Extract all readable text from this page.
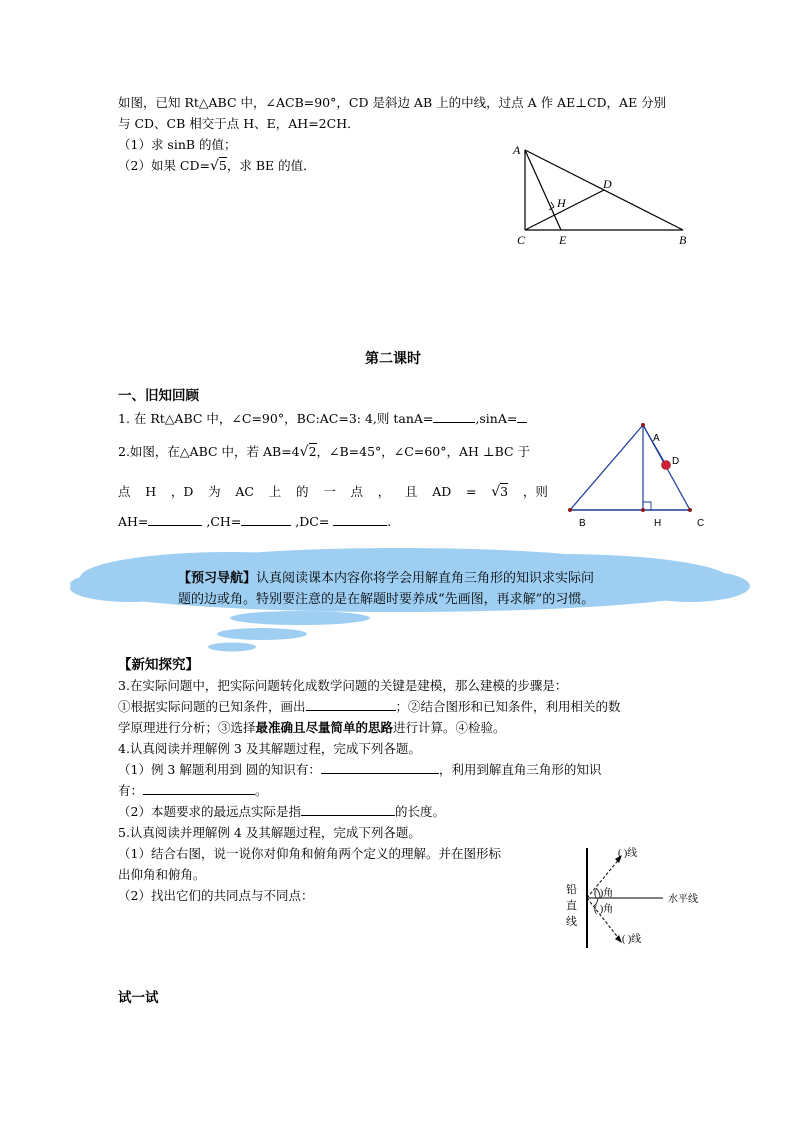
如图，已知 Rt△ABC 中，∠ACB=90°，CD 是斜边 AB 上的中线，过点 A 作 AE⊥CD，AE 分别
与 CD、CB 相交于点 H、E，AH=2CH．
（1）求 sinB 的值；
（2）如果 CD=√5，求 BE 的值．
A
D
H
C	E	B
第二课时
一、旧知回顾
1. 在 Rt△ABC 中，∠C=90°，BC:AC=3: 4,则 tanA=	,sinA=
2.如图，在△ABC 中，若 AB=4√2，∠B=45°，∠C=60°，AH ⊥BC 于
点 H ，D 为 AC 上 的 一 点 ， 且 AD = √3 ，则
AH=	,CH=	,DC=	.
A
D
B	H	C
【预习导航】认真阅读课本内容你将学会用解直角三角形的知识求实际问
题的边或角。特别要注意的是在解题时要养成“先画图，再求解”的习惯。
【新知探究】
3.在实际问题中，把实际问题转化成数学问题的关键是建模，那么建模的步骤是：
①根据实际问题的已知条件，画出	；②结合图形和已知条件，利用相关的数
学原理进行分析；③选择最准确且尽量简单的思路进行计算。④检验。
4.认真阅读并理解例 3 及其解题过程，完成下列各题。
（1）例 3 解题利用到 圆的知识有：	，利用到解直角三角形的知识
有：	。
（2）本题要求的最远点实际是指	的长度。
5.认真阅读并理解例 4 及其解题过程，完成下列各题。
（1）结合右图，说一说你对仰角和俯角两个定义的理解。并在图形标
出仰角和俯角。
（2）找出它们的共同点与不同点：	铅
直
线
( )线
( )角
水平线
( )角
( )线
试一试
